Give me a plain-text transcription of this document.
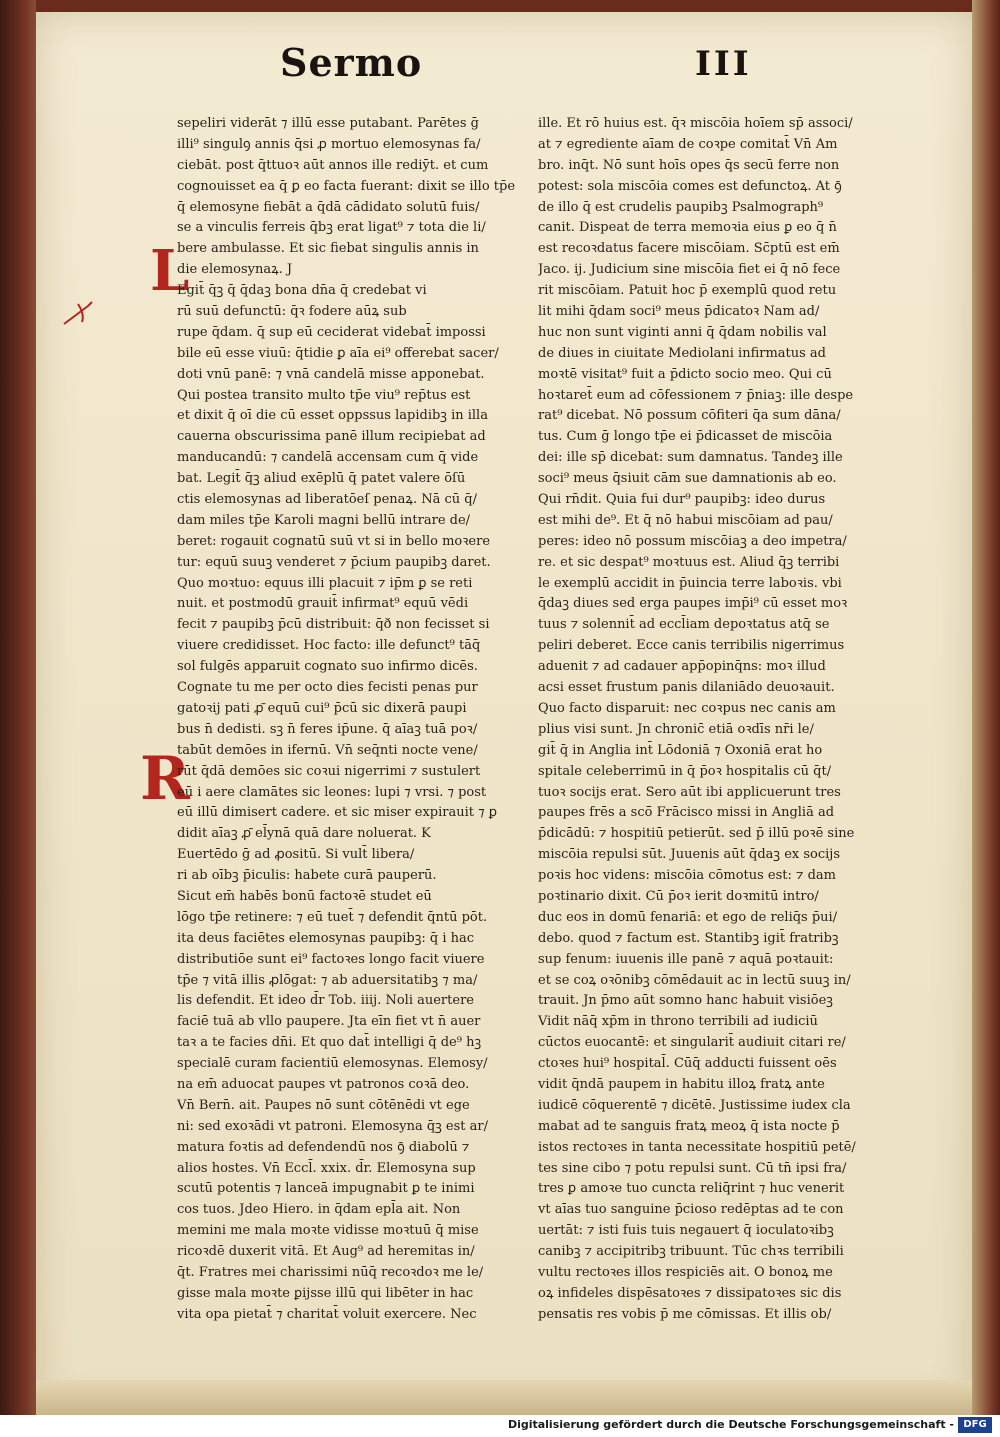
Sermo	III
L
R
sepeliri viderāt ⁊ illū esse putabant. Parētes ḡ
illi⁹ singulꝯ annis q̄si ꝓ mortuo elemosynas fa/
ciebāt. post q̄ttuoꝛ aūt annos ille rediȳt. et cum
cognouisset ea q̄ ꝑ eo facta fuerant: dixit se illo tp̄e
q̄ elemosyne fiebāt a q̄dā cādidato solutū fuis/
se a vinculis ferreis q̄bꝫ erat ligat⁹ ⁊ tota die li/
bere ambulasse. Et sic fiebat singulis annis in
die elemosynaꝝ. J
Egit̄ q̄ꝫ q̄ q̄daꝫ bona dn̄a q̄ credebat vi
rū suū defunctū: q̄ꝛ fodere aūꝝ sub
rupe q̄dam. q̄ sup eū ceciderat videbat̄ impossi
bile eū esse viuū: q̄tidie ꝑ aīa ei⁹ offerebat sacer/
doti vnū panē: ⁊ vnā candelā misse apponebat.
Qui postea transito multo tp̄e viu⁹ rep̄tus est
et dixit q̄ oī die cū esset oppssus lapidibꝫ in illa
cauerna obscurissima panē illum recipiebat ad
manducandū: ⁊ candelā accensam cum q̄ vide
bat. Legit̄ q̄ꝫ aliud exēplū q̄ patet valere ōſū
ctis elemosynas ad liberatōeſ penaꝝ. Nā cū q̄/
dam miles tp̄e Karoli magni bellū intrare de/
beret: rogauit cognatū suū vt si in bello moꝛere
tur: equū suuꝫ venderet ⁊ p̄cium paupibꝫ daret.
Quo moꝛtuo: equus illi placuit ⁊ ip̄m ꝑ se reti
nuit. et postmodū grauit̄ infirmat⁹ equū vēdi
fecit ⁊ paupibꝫ p̄cū distribuit: q̄ð non fecisset si
viuere credidisset. Hoc facto: ille defunct⁹ tāq̄
sol fulgēs apparuit cognato suo infirmo dicēs.
Cognate tu me per octo dies fecisti penas pur
gatoꝛij pati ꝓ̄ equū cui⁹ p̄cū sic dixerā paupi
bus n̄ dedisti. sꝫ n̄ feres ip̄une. q̄ aīaꝫ tuā poꝛ/
tabūt demōes in ifernū. Vn̄ seq̄nti nocte vene/
rūt q̄dā demōes sic coꝛui nigerrimi ⁊ sustulert
eū i aere clamātes sic leones: lupi ⁊ vrsi. ⁊ post
eū illū dimisert cadere. et sic miser expirauit ⁊ ꝑ
didit aīaꝫ ꝓ̄ el̄ynā quā dare noluerat. K
Euertēdo ḡ ad ꝓositū. Si vult̄ libera/
ri ab oībꝫ p̄iculis: habete curā pauperū.
Sicut em̄ habēs bonū factoꝛē studet eū
lōgo tp̄e retinere: ⁊ eū tuet̄ ⁊ defendit q̄ntū pōt.
ita deus faciētes elemosynas paupibꝫ: q̄ i hac
distributiōe sunt ei⁹ factoꝛes longo facit viuere
tp̄e ⁊ vitā illis ꝓlōgat: ⁊ ab aduersitatibꝫ ⁊ ma/
lis defendit. Et ideo d̄r Tob. iiij. Noli auertere
faciē tuā ab vllo paupere. Jta eīn fiet vt n̄ auer
taꝛ a te facies dn̄i. Et quo dat̄ intelligi q̄ de⁹ hꝫ
specialē curam facientiū elemosynas. Elemosy/
na em̄ aduocat paupes vt patronos coꝛā deo.
Vn̄ Bern̄. ait. Paupes nō sunt cōtēnēdi vt ege
ni: sed exoꝛādi vt patroni. Elemosyna q̄ꝫ est ar/
matura foꝛtis ad defendendū nos ꝯ̄ diabolū ⁊
alios hostes. Vn̄ Eccl̄. xxix. d̄r. Elemosyna sup
scutū potentis ⁊ lanceā impugnabit ꝑ te inimi
cos tuos. Jdeo Hiero. in q̄dam epl̄a ait. Non
memini me mala moꝛte vidisse moꝛtuū q̄ mise
ricoꝛdē duxerit vitā. Et Aug⁹ ad heremitas in/
q̄t. Fratres mei charissimi nūq̄ recoꝛdoꝛ me le/
gisse mala moꝛte ꝑijsse illū qui libēter in hac
vita opa pietat̄ ⁊ charitat̄ voluit exercere. Nec
ille. Et rō huius est. q̄ꝛ miscōia hoīem sp̄ associ/
at ⁊ egrediente aīam de coꝛpe comitat̄ Vn̄ Am
bro. inq̄t. Nō sunt hoīs opes q̄s secū ferre non
potest: sola miscōia comes est defunctoꝝ. At ꝯ̄
de illo q̄ est crudelis paupibꝫ Psalmograph⁹
canit. Dispeat de terra memoꝛia eius ꝑ eo q̄ n̄
est recoꝛdatus facere miscōiam. Sc̄ptū est em̄
Jaco. ij. Judicium sine miscōia fiet ei q̄ nō fece
rit miscōiam. Patuit hoc p̄ exemplū quod retu
lit mihi q̄dam soci⁹ meus p̄dicatoꝛ Nam ad/
huc non sunt viginti anni q̄ q̄dam nobilis val
de diues in ciuitate Mediolani infirmatus ad
moꝛtē visitat⁹ fuit a p̄dicto socio meo. Qui cū
hoꝛtaret̄ eum ad cōfessionem ⁊ p̄niaꝫ: ille despe
rat⁹ dicebat. Nō possum cōfiteri q̄a sum dāna/
tus. Cum ḡ longo tp̄e ei p̄dicasset de miscōia
dei: ille sp̄ dicebat: sum damnatus. Tandeꝫ ille
soci⁹ meus q̄siuit cām sue damnationis ab eo.
Qui rn̄dit. Quia fui dur⁹ paupibꝫ: ideo durus
est mihi de⁹. Et q̄ nō habui miscōiam ad pau/
peres: ideo nō possum miscōiaꝫ a deo impetra/
re. et sic despat⁹ moꝛtuus est. Aliud q̄ꝫ terribi
le exemplū accidit in p̄uincia terre laboꝛis. vbi
q̄daꝫ diues sed erga paupes imp̄i⁹ cū esset moꝛ
tuus ⁊ solennit̄ ad eccl̄iam depoꝛtatus atq̄ se
peliri deberet. Ecce canis terribilis nigerrimus
aduenit ⁊ ad cadauer app̄opinq̄ns: moꝛ illud
acsi esset frustum panis dilaniādo deuoꝛauit.
Quo facto disparuit: nec coꝛpus nec canis am
plius visi sunt. Jn chronic̄ etiā oꝛdīs nr̄i le/
git̄ q̄ in Anglia int̄ Lōdoniā ⁊ Oxoniā erat ho
spitale celeberrimū in q̄ p̄oꝛ hospitalis cū q̄t/
tuoꝛ socijs erat. Sero aūt ibi applicuerunt tres
paupes frēs a scō̄ Frācisco missi in Angliā ad
p̄dicādū: ⁊ hospitiū petierūt. sed p̄ illū poꝛē sine
miscōia repulsi sūt. Juuenis aūt q̄daꝫ ex socijs
poꝛis hoc videns: miscōia cōmotus est: ⁊ dam
poꝛtinario dixit. Cū p̄oꝛ ierit doꝛmitū intro/
duc eos in domū fenariā: et ego de reliq̄s p̄ui/
debo. quod ⁊ factum est. Stantibꝫ igit̄ fratribꝫ
sup fenum: iuuenis ille panē ⁊ aquā poꝛtauit:
et se coꝝ oꝛōnibꝫ cōmēdauit ac in lectū suuꝫ in/
trauit. Jn p̄mo aūt somno hanc habuit visiōeꝫ
Vidit nāq̄ xp̄m in throno terribili ad iudiciū
cūctos euocantē: et singularit̄ audiuit citari re/
ctoꝛes hui⁹ hospital̄. Cūq̄ adducti fuissent oēs
vidit q̄ndā paupem in habitu illoꝝ fratꝝ ante
iudicē cōquerentē ⁊ dicētē. Justissime iudex cla
mabat ad te sanguis fratꝝ meoꝝ q̄ ista nocte p̄
istos rectoꝛes in tanta necessitate hospitiū petē/
tes sine cibo ⁊ potu repulsi sunt. Cū tn̄ ipsi fra/
tres ꝑ amoꝛe tuo cuncta reliq̄rint ⁊ huc venerit
vt aīas tuo sanguine p̄cioso redēptas ad te con
uertāt: ⁊ isti fuis tuis negauert q̄ ioculatoꝛibꝫ
canibꝫ ⁊ accipitribꝫ tribuunt. Tūc chꝛs terribili
vultu rectoꝛes illos respiciēs ait. O bonoꝝ me
oꝝ infideles dispēsatoꝛes ⁊ dissipatoꝛes sic dis
pensatis res vobis p̄ me cōmissas. Et illis ob/
Digitalisierung gefördert durch die Deutsche Forschungsgemeinschaft - DFG
